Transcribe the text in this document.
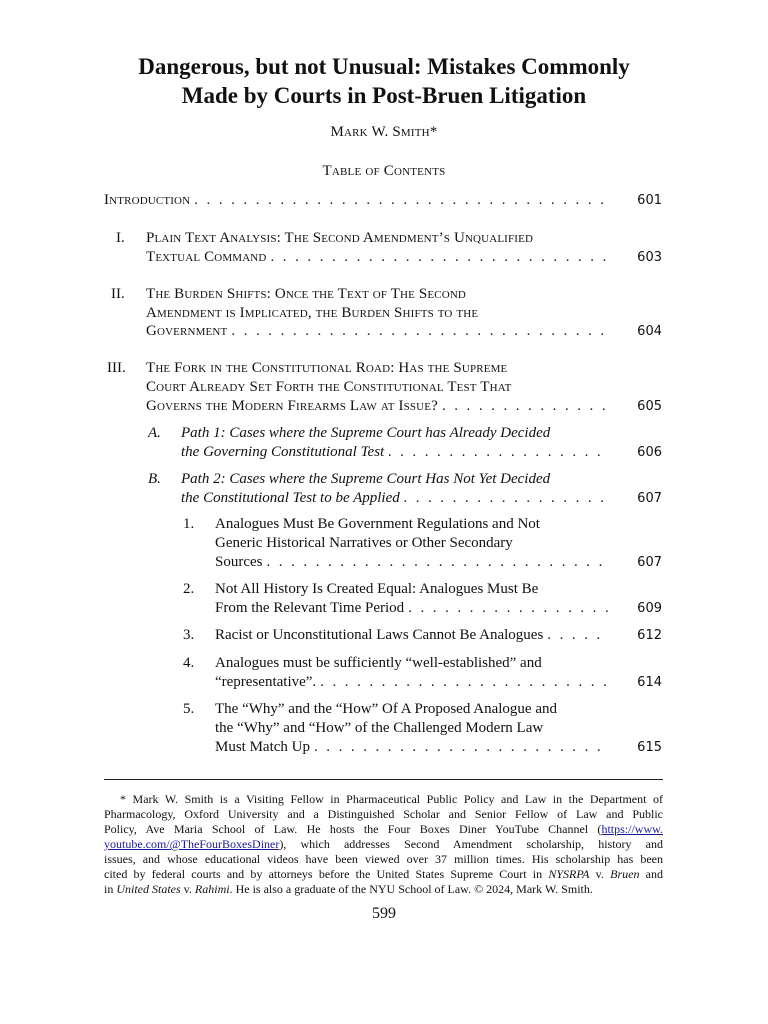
Dangerous, but not Unusual: Mistakes Commonly
Made by Courts in Post-Bruen Litigation
Mark W. Smith*
Table of Contents
Introduction . . .	601
I. Plain Text Analysis: The Second Amendment’s Unqualified
Textual Command . . .	603
II. The Burden Shifts: Once the Text of The Second
Amendment is Implicated, the Burden Shifts to the
Government . . .	604
III. The Fork in the Constitutional Road: Has the Supreme
Court Already Set Forth the Constitutional Test That
Governs the Modern Firearms Law at Issue? . . .	605
A. Path 1: Cases where the Supreme Court has Already Decided
the Governing Constitutional Test . . .	606
B. Path 2: Cases where the Supreme Court Has Not Yet Decided
the Constitutional Test to be Applied . . .	607
1. Analogues Must Be Government Regulations and Not
Generic Historical Narratives or Other Secondary
Sources . . .	607
2. Not All History Is Created Equal: Analogues Must Be
From the Relevant Time Period . . .	609
3. Racist or Unconstitutional Laws Cannot Be Analogues . . .	612
4. Analogues must be sufficiently “well-established” and
“representative”. . . .	614
5. The “Why” and the “How” Of A Proposed Analogue and
the “Why” and “How” of the Challenged Modern Law
Must Match Up . . .	615
* Mark W. Smith is a Visiting Fellow in Pharmaceutical Public Policy and Law in the Department of
Pharmacology, Oxford University and a Distinguished Scholar and Senior Fellow of Law and Public
Policy, Ave Maria School of Law. He hosts the Four Boxes Diner YouTube Channel (https://www.
youtube.com/@TheFourBoxesDiner), which addresses Second Amendment scholarship, history and
issues, and whose educational videos have been viewed over 37 million times. His scholarship has been
cited by federal courts and by attorneys before the United States Supreme Court in NYSRPA v. Bruen and
in United States v. Rahimi. He is also a graduate of the NYU School of Law. © 2024, Mark W. Smith.
599
